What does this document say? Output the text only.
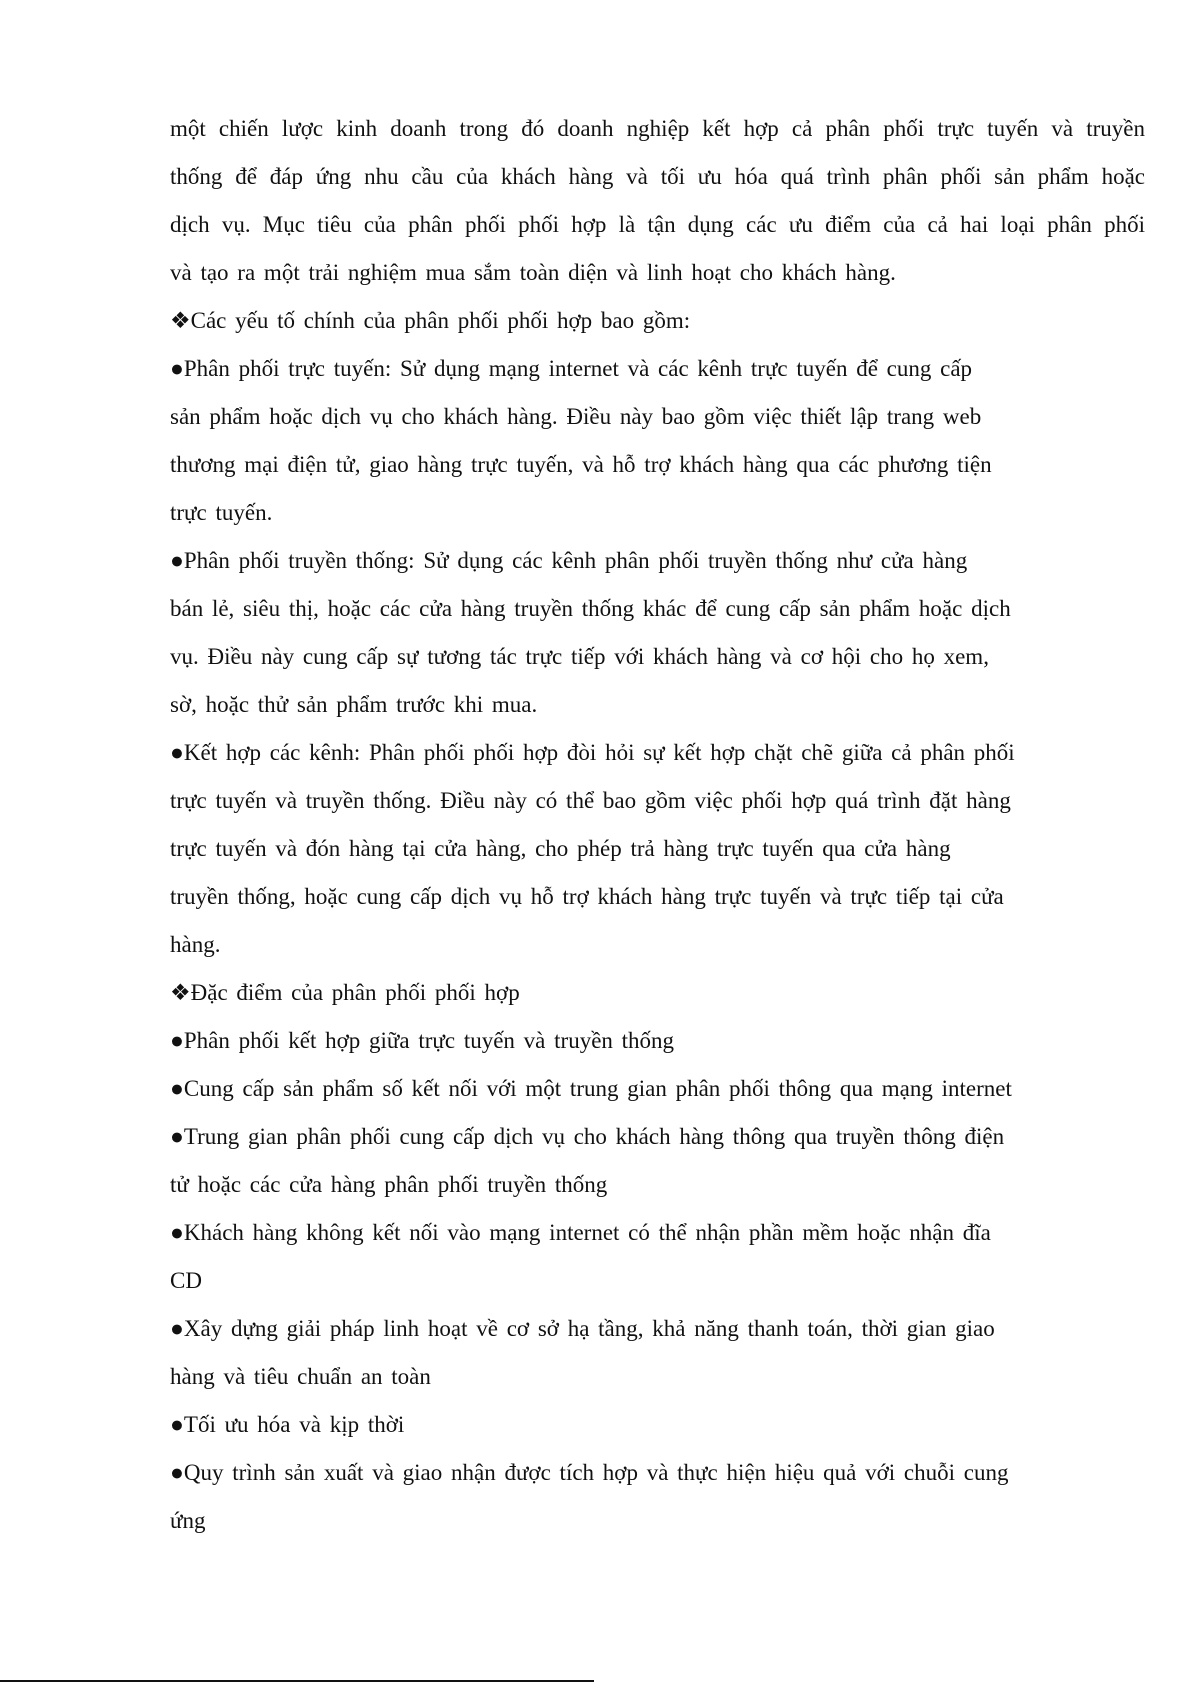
một chiến lược kinh doanh trong đó doanh nghiệp kết hợp cả phân phối trực tuyến và truyền
thống để đáp ứng nhu cầu của khách hàng và tối ưu hóa quá trình phân phối sản phẩm hoặc
dịch vụ. Mục tiêu của phân phối phối hợp là tận dụng các ưu điểm của cả hai loại phân phối
và tạo ra một trải nghiệm mua sắm toàn diện và linh hoạt cho khách hàng.

❖Các yếu tố chính của phân phối phối hợp bao gồm:

●Phân phối trực tuyến: Sử dụng mạng internet và các kênh trực tuyến để cung cấp
sản phẩm hoặc dịch vụ cho khách hàng. Điều này bao gồm việc thiết lập trang web
thương mại điện tử, giao hàng trực tuyến, và hỗ trợ khách hàng qua các phương tiện
trực tuyến.

●Phân phối truyền thống: Sử dụng các kênh phân phối truyền thống như cửa hàng
bán lẻ, siêu thị, hoặc các cửa hàng truyền thống khác để cung cấp sản phẩm hoặc dịch
vụ. Điều này cung cấp sự tương tác trực tiếp với khách hàng và cơ hội cho họ xem,
sờ, hoặc thử sản phẩm trước khi mua.

●Kết hợp các kênh: Phân phối phối hợp đòi hỏi sự kết hợp chặt chẽ giữa cả phân phối
trực tuyến và truyền thống. Điều này có thể bao gồm việc phối hợp quá trình đặt hàng
trực tuyến và đón hàng tại cửa hàng, cho phép trả hàng trực tuyến qua cửa hàng
truyền thống, hoặc cung cấp dịch vụ hỗ trợ khách hàng trực tuyến và trực tiếp tại cửa
hàng.

❖Đặc điểm của phân phối phối hợp

●Phân phối kết hợp giữa trực tuyến và truyền thống

●Cung cấp sản phẩm số kết nối với một trung gian phân phối thông qua mạng internet

●Trung gian phân phối cung cấp dịch vụ cho khách hàng thông qua truyền thông điện
tử hoặc các cửa hàng phân phối truyền thống

●Khách hàng không kết nối vào mạng internet có thể nhận phần mềm hoặc nhận đĩa
CD

●Xây dựng giải pháp linh hoạt về cơ sở hạ tầng, khả năng thanh toán, thời gian giao
hàng và tiêu chuẩn an toàn

●Tối ưu hóa và kịp thời

●Quy trình sản xuất và giao nhận được tích hợp và thực hiện hiệu quả với chuỗi cung
ứng
